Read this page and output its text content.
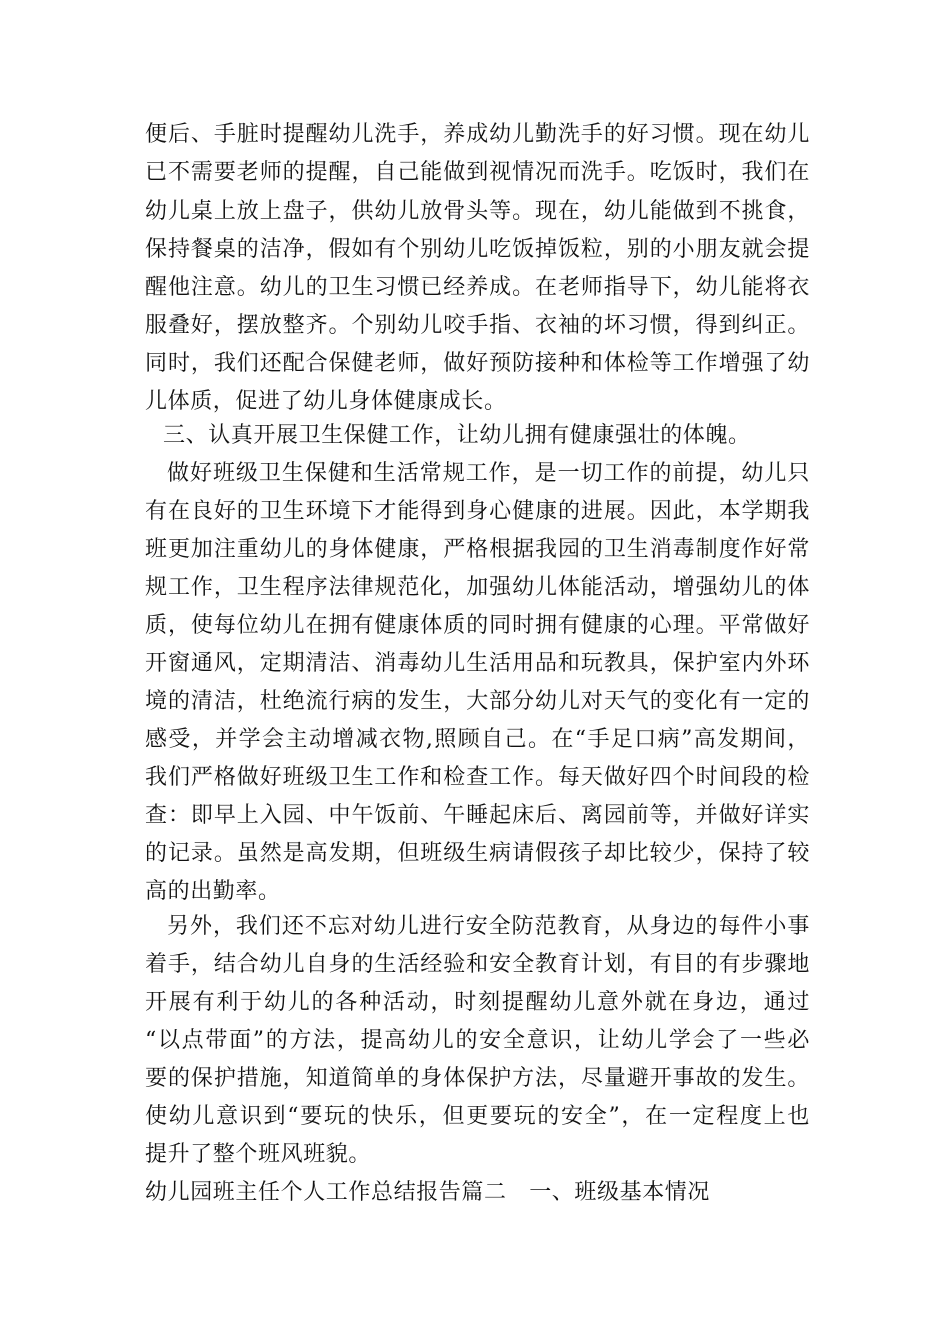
便后、手脏时提醒幼儿洗手，养成幼儿勤洗手的好习惯。现在幼儿
已不需要老师的提醒，自己能做到视情况而洗手。吃饭时，我们在
幼儿桌上放上盘子，供幼儿放骨头等。现在，幼儿能做到不挑食，
保持餐桌的洁净，假如有个别幼儿吃饭掉饭粒，别的小朋友就会提
醒他注意。幼儿的卫生习惯已经养成。在老师指导下，幼儿能将衣
服叠好，摆放整齐。个别幼儿咬手指、衣袖的坏习惯，得到纠正。
同时，我们还配合保健老师，做好预防接种和体检等工作增强了幼
儿体质，促进了幼儿身体健康成长。
三、认真开展卫生保健工作，让幼儿拥有健康强壮的体魄。
做好班级卫生保健和生活常规工作，是一切工作的前提，幼儿只
有在良好的卫生环境下才能得到身心健康的进展。因此，本学期我
班更加注重幼儿的身体健康，严格根据我园的卫生消毒制度作好常
规工作，卫生程序法律规范化，加强幼儿体能活动，增强幼儿的体
质，使每位幼儿在拥有健康体质的同时拥有健康的心理。平常做好
开窗通风，定期清洁、消毒幼儿生活用品和玩教具，保护室内外环
境的清洁，杜绝流行病的发生，大部分幼儿对天气的变化有一定的
感受，并学会主动增减衣物,照顾自己。在“手足口病”高发期间，
我们严格做好班级卫生工作和检查工作。每天做好四个时间段的检
查：即早上入园、中午饭前、午睡起床后、离园前等，并做好详实
的记录。虽然是高发期，但班级生病请假孩子却比较少，保持了较
高的出勤率。
另外，我们还不忘对幼儿进行安全防范教育，从身边的每件小事
着手，结合幼儿自身的生活经验和安全教育计划，有目的有步骤地
开展有利于幼儿的各种活动，时刻提醒幼儿意外就在身边，通过
“以点带面”的方法，提高幼儿的安全意识，让幼儿学会了一些必
要的保护措施，知道简单的身体保护方法，尽量避开事故的发生。
使幼儿意识到“要玩的快乐，但更要玩的安全”，在一定程度上也
提升了整个班风班貌。
幼儿园班主任个人工作总结报告篇二　一、班级基本情况
